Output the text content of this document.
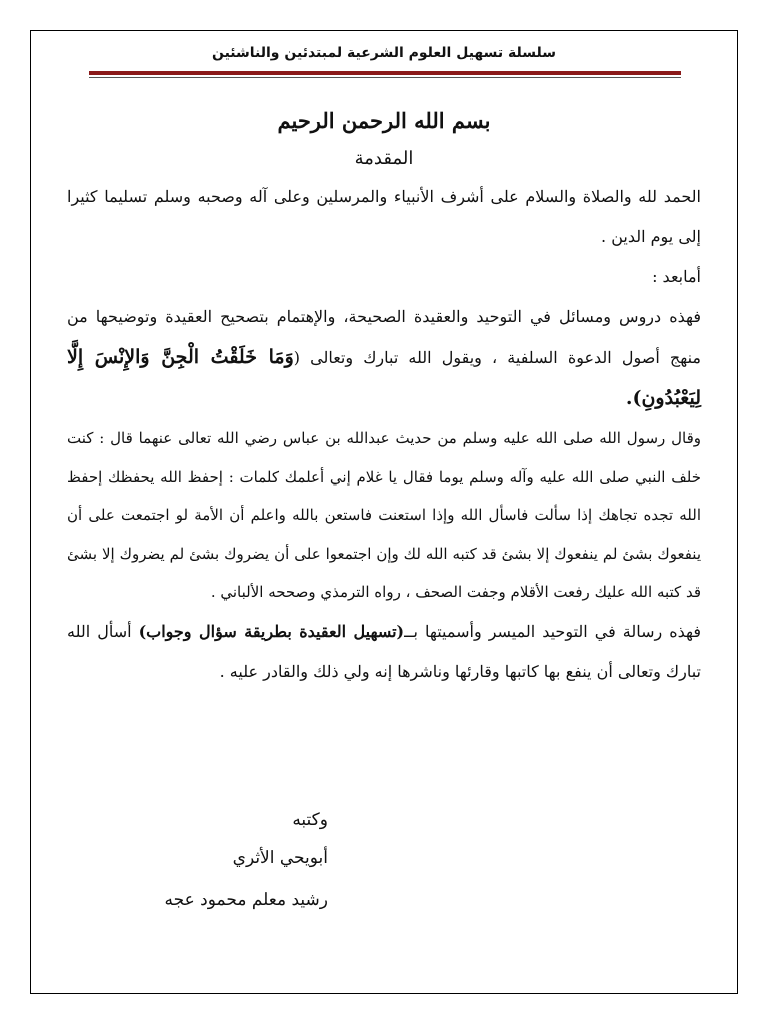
سلسلة تسهيل العلوم الشرعية لمبتدئين والناشئين
بسم الله الرحمن الرحيم
المقدمة

الحمد لله والصلاة والسلام على أشرف الأنبياء والمرسلين وعلى آله وصحبه وسلم تسليما كثيرا إلى يوم الدين .

أمابعد :

فهذه دروس ومسائل في التوحيد والعقيدة الصحيحة، والإهتمام بتصحيح العقيدة وتوضيحها من منهج أصول الدعوة السلفية ، ويقول الله تبارك وتعالى (وَمَا خَلَقْتُ الْجِنَّ وَالإِنْسَ إِلَّا لِيَعْبُدُونِ).

وقال رسول الله صلى الله عليه وسلم من حديث عبدالله بن عباس رضي الله تعالى عنهما قال : كنت خلف النبي صلى الله عليه وآله وسلم يوما فقال يا غلام إني أعلمك كلمات : إحفظ الله يحفظك إحفظ الله تجده تجاهك إذا سألت فاسأل الله وإذا استعنت فاستعن بالله واعلم أن الأمة لو اجتمعت على أن ينفعوك بشئ لم ينفعوك إلا بشئ قد كتبه الله لك وإن اجتمعوا على أن يضروك بشئ لم يضروك إلا بشئ قد كتبه الله عليك رفعت الأقلام وجفت الصحف ، رواه الترمذي وصححه الألباني .

فهذه رسالة في التوحيد الميسر وأسميتها بــ(تسهيل العقيدة بطريقة سؤال وجواب) أسأل الله تبارك وتعالى أن ينفع بها كاتبها وقارئها وناشرها إنه ولي ذلك والقادر عليه .

وكتبه
أبويحي الأثري
رشيد معلم محمود عجه
